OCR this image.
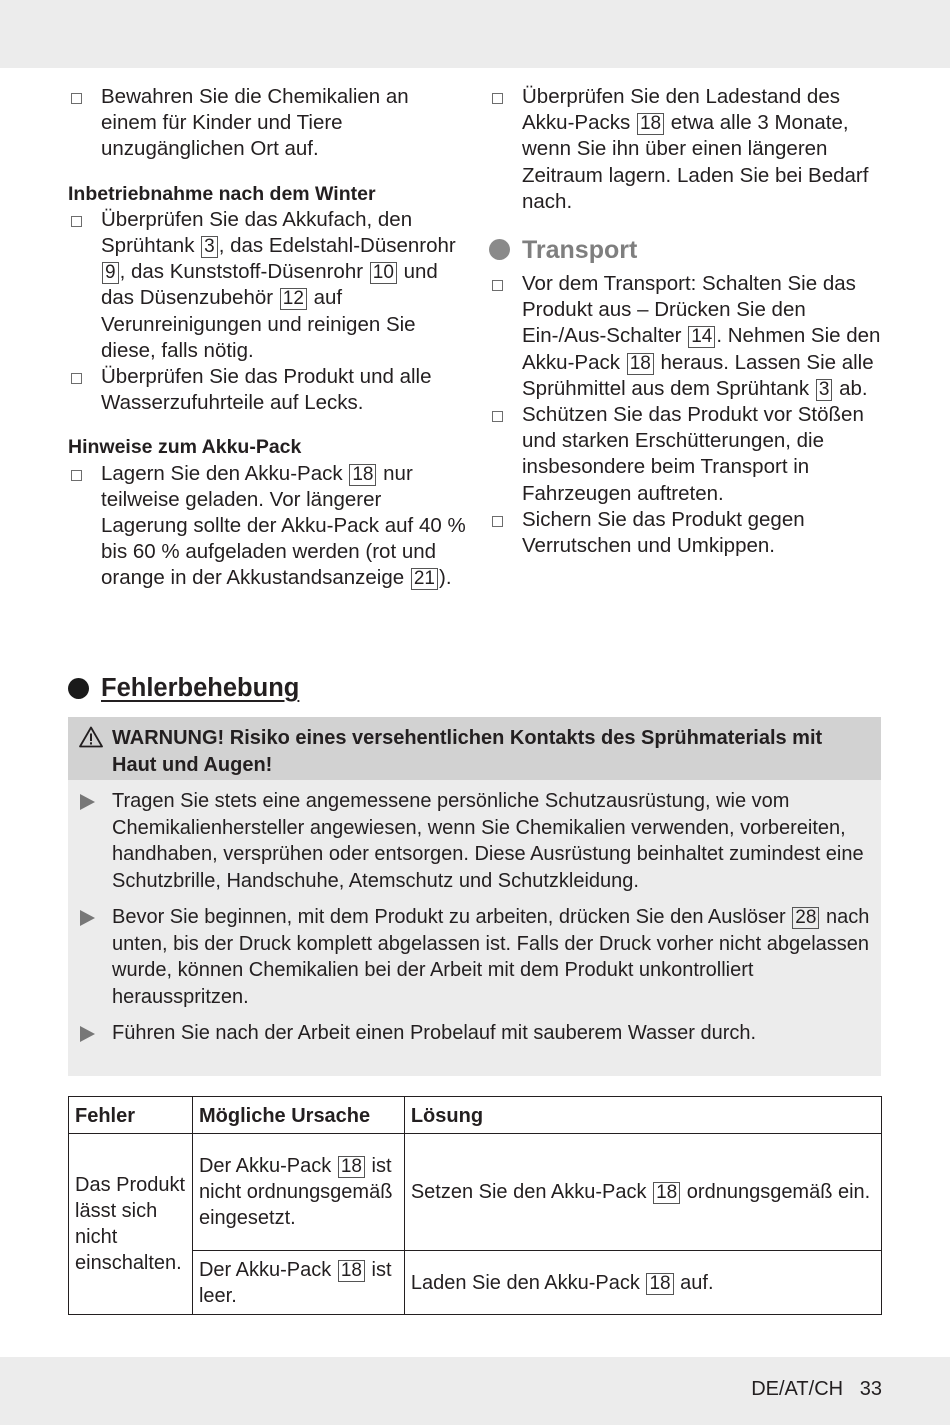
Bewahren Sie die Chemikalien an einem für Kinder und Tiere unzugänglichen Ort auf.
Inbetriebnahme nach dem Winter
Überprüfen Sie das Akkufach, den Sprühtank 3 , das Edelstahl-Düsenrohr 9 , das Kunststoff-Düsenrohr 10 und das Düsenzubehör 12 auf Verunreinigungen und reinigen Sie diese, falls nötig.
Überprüfen Sie das Produkt und alle Wasserzufuhrteile auf Lecks.
Hinweise zum Akku-Pack
Lagern Sie den Akku-Pack 18 nur teilweise geladen. Vor längerer Lagerung sollte der Akku-Pack auf 40 % bis 60 % aufgeladen werden (rot und orange in der Akkustandsanzeige 21 ).
Überprüfen Sie den Ladestand des Akku-Packs 18 etwa alle 3 Monate, wenn Sie ihn über einen längeren Zeitraum lagern. Laden Sie bei Bedarf nach.
Transport
Vor dem Transport: Schalten Sie das Produkt aus – Drücken Sie den Ein-/Aus-Schalter 14 . Nehmen Sie den Akku-Pack 18 heraus. Lassen Sie alle Sprühmittel aus dem Sprühtank 3 ab.
Schützen Sie das Produkt vor Stößen und starken Erschütterungen, die insbesondere beim Transport in Fahrzeugen auftreten.
Sichern Sie das Produkt gegen Verrutschen und Umkippen.
Fehlerbehebung
WARNUNG! Risiko eines versehentlichen Kontakts des Sprühmaterials mit Haut und Augen!
Tragen Sie stets eine angemessene persönliche Schutzausrüstung, wie vom Chemikalienhersteller angewiesen, wenn Sie Chemikalien verwenden, vorbereiten, handhaben, versprühen oder entsorgen. Diese Ausrüstung beinhaltet zumindest eine Schutzbrille, Handschuhe, Atemschutz und Schutzkleidung.
Bevor Sie beginnen, mit dem Produkt zu arbeiten, drücken Sie den Auslöser 28 nach unten, bis der Druck komplett abgelassen ist. Falls der Druck vorher nicht abgelassen wurde, können Chemikalien bei der Arbeit mit dem Produkt unkontrolliert herausspritzen.
Führen Sie nach der Arbeit einen Probelauf mit sauberem Wasser durch.
Fehler	Mögliche Ursache	Lösung
Das Produkt lässt sich nicht einschalten.	Der Akku-Pack 18 ist nicht ordnungsgemäß eingesetzt.	Setzen Sie den Akku-Pack 18 ordnungsgemäß ein.
	Der Akku-Pack 18 ist leer.	Laden Sie den Akku-Pack 18 auf.
DE/AT/CH 33
